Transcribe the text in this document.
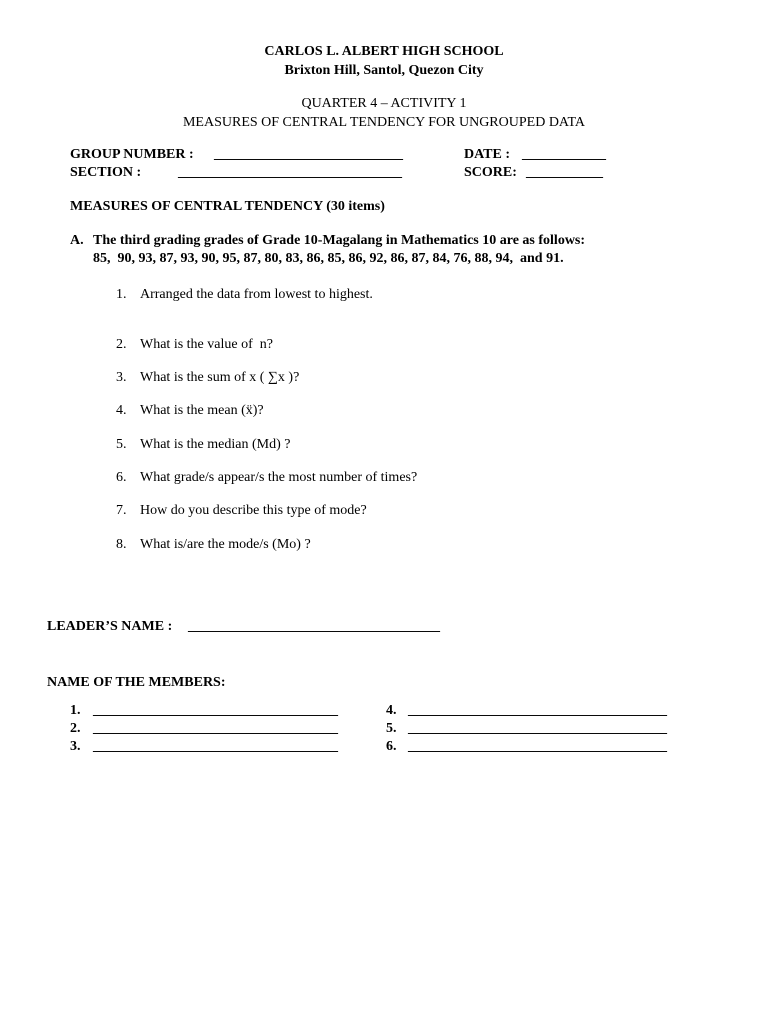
CARLOS L. ALBERT HIGH SCHOOL
Brixton Hill, Santol, Quezon City
QUARTER 4 – ACTIVITY 1
MEASURES OF CENTRAL TENDENCY FOR UNGROUPED DATA
GROUP NUMBER : ___________________________	DATE : ____________
SECTION :	________________________________	SCORE: ___________
MEASURES OF CENTRAL TENDENCY (30 items)
A. The third grading grades of Grade 10-Magalang in Mathematics 10 are as follows:
85,  90, 93, 87, 93, 90, 95, 87, 80, 83, 86, 85, 86, 92, 86, 87, 84, 76, 88, 94,  and 91.
1. Arranged the data from lowest to highest.
2. What is the value of  n?
3. What is the sum of x ( ∑x )?
4. What is the mean (ẍ)?
5. What is the median (Md) ?
6. What grade/s appear/s the most number of times?
7. How do you describe this type of mode?
8. What is/are the mode/s (Mo) ?
LEADER’S NAME : ____________________________________
NAME OF THE MEMBERS:
1. ___________________________________
2. ___________________________________
3. ___________________________________
4. _____________________________________
5. _____________________________________
6. _____________________________________
